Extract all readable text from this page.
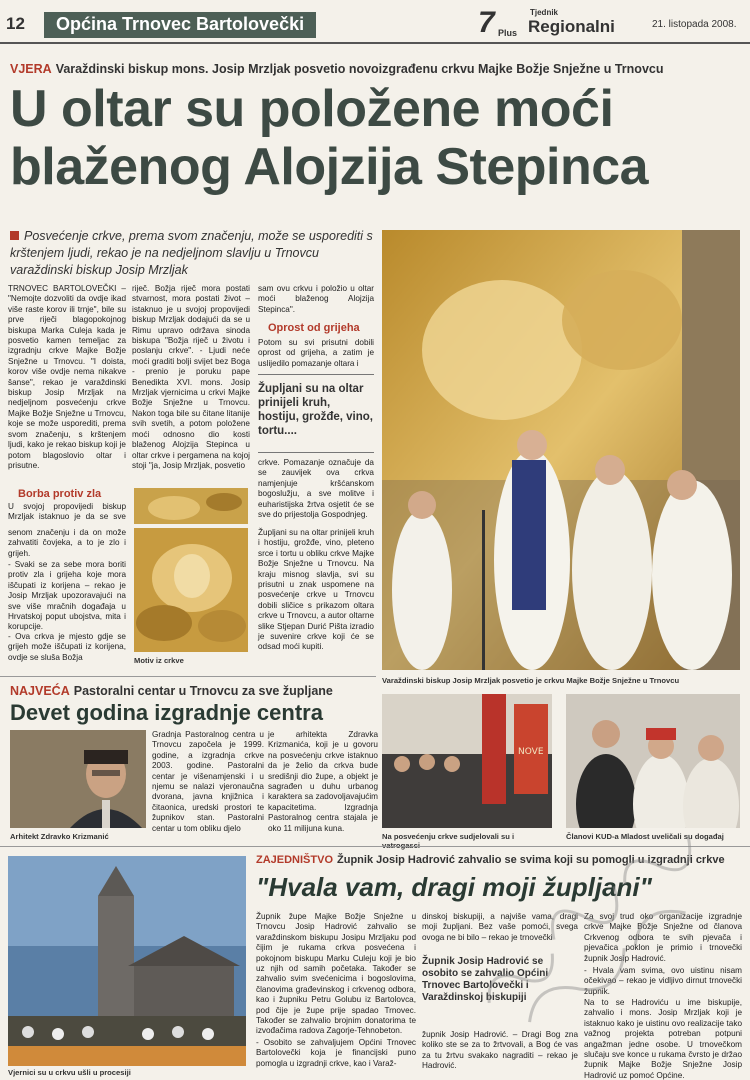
12	Općina Trnovec Bartolovečki	7 Plus
Tjednik
Regionalni	21. listopada 2008.
VJERA Varaždinski biskup mons. Josip Mrzljak posvetio novoizgrađenu crkvu Majke Božje Snježne u Trnovcu
U oltar su položene moći blaženog Alojzija Stepinca
Posvećenje crkve, prema svom značenju, može se usporediti s krštenjem ljudi, rekao je na nedjeljnom slavlju u Trnovcu varaždinski biskup Josip Mrzljak

TRNOVEC BARTOLOVEČKI – "Nemojte dozvoliti da ovdje ikad više raste korov ili trnje", bile su prve riječi blagopokojnog biskupa Marka Culeja kada je posvetio kamen temeljac za izgradnju crkve Majke Božje Snježne u Trnovcu. "I doista, korov više ovdje nema nikakve šanse", rekao je varaždinski biskup Josip Mrzljak na nedjeljnom posvećenju crkve Majke Božje Snježne u Trnovcu, koje se može usporediti, prema svom značenju, s krštenjem ljudi, kako je rekao biskup koji je potom blagoslovio oltar i prisutne.

Borba protiv zla

U svojoj propovijedi biskup Mrzljak istaknuo je da se sve

senom značenju i da on može zahvatiti čovjeka, a to je zlo i grijeh.

- Svaki se za sebe mora boriti protiv zla i grijeha koje mora iščupati iz korijena – rekao je Josip Mrzljak upozoravajući na sve više mračnih događaja u Hrvatskoj poput ubojstva, mita i korupcije.

- Ova crkva je mjesto gdje se grijeh može iščupati iz korijena, ovdje se sluša Božja

riječ. Božja riječ mora postati stvarnost, mora postati život – istaknuo je u svojoj propovijedi biskup Mrzljak dodajući da se u Rimu upravo održava sinoda biskupa "Božja riječ u životu i poslanju crkve". - Ljudi neće moći graditi bolji svijet bez Boga - prenio je poruku pape Benedikta XVI. mons. Josip Mrzljak vjernicima u crkvi Majke Božje Snježne u Trnovcu. Nakon toga bile su čitane litanije svih svetih, a potom položene moći odnosno dio kosti blaženog Alojzija Stepinca u oltar crkve i pergamena na kojoj stoji "ja, Josip Mrzljak, posvetio

Motiv iz crkve

sam ovu crkvu i položio u oltar moći blaženog Alojzija Stepinca".

Oprost od grijeha

Potom su svi prisutni dobili oprost od grijeha, a zatim je uslijedilo pomazanje oltara i

Župljani su na oltar prinijeli kruh, hostiju, grožđe, vino, tortu....

crkve. Pomazanje označuje da se zauvijek ova crkva namjenjuje kršćanskom bogoslužju, a sve molitve i euharistijska žrtva osjetit će se sve do prijestolja Gospodnjeg.

Župljani su na oltar prinijeli kruh i hostiju, grožđe, vino, pleteno srce i tortu u obliku crkve Majke Božje Snježne u Trnovcu. Na kraju misnog slavlja, svi su prisutni u znak uspomene na posvećenje crkve u Trnovcu dobili sličice s prikazom oltara crkve u Trnovcu, a autor oltarne slike Stjepan Durić Pišta izradio je suvenire crkve koji će se odsad moći kupiti.

Varaždinski biskup Josip Mrzljak posvetio je crkvu Majke Božje Snježne u Trnovcu
NAJVEĆA Pastoralni centar u Trnovcu za sve župljane
Devet godina izgradnje centra
Arhitekt Zdravko Krizmanić

Gradnja Pastoralnog centra u Trnovcu započela je 1999. godine, a izgradnja crkve 2003. godine. Pastoralni centar je višenamjenski i u njemu se nalazi vjeronaučna dvorana, javna knjižnica i čitaonica, uredski prostori te župnikov stan. Pastoralni centar u tom obliku djelo

je arhitekta Zdravka Krizmanića, koji je u govoru na posvećenju crkve istaknuo da je želio da crkva bude središnji dio župe, a objekt je sagrađen u duhu urbanog karaktera sa zadovoljavajućim kapacitetima. Izgradnja Pastoralnog centra stajala je oko 11 milijuna kuna.

NOVE
Na posvećenju crkve sudjelovali su i	Članovi KUD-a Mladost uveličali su događaj
Vjernici su u crkvu ušli u procesiji
ZAJEDNIŠTVO Župnik Josip Hadrović zahvalio se svima koji su pomogli u izgradnji crkve
"Hvala vam, dragi moji župljani"

Župnik župe Majke Božje Snježne u Trnovcu Josip Hadrović zahvalio se varaždinskom biskupu Josipu Mrzljaku pod čijim je rukama crkva posvećena i pokojnom biskupu Marku Culeju koji je bio uz njih od samih početaka. Također se zahvalio svim svećenicima i bogoslovima, članovima građevinskog i crkvenog odbora, kao i župniku Petru Golubu iz Bartolovca, pod čije je župe prije spadao Trnovec. Također se zahvalio brojnim donatorima te izvođačima radova Zagorje-Tehnobeton.

- Osobito se zahvaljujem Općini Trnovec Bartolovečki koja je financijski puno pomogla u izgradnji crkve, kao i Varaž-

dinskoj biskupiji, a najviše vama, dragi moji župljani. Bez vaše pomoći, svega ovoga ne bi bilo – rekao je trnovečki

Župnik Josip Hadrović se osobito se zahvalio Općini Trnovec Bartolovečki i Varaždinskoj biskupiji

župnik Josip Hadrović. – Dragi Bog zna koliko ste se za to žrtvovali, a Bog će vas za tu žrtvu svakako nagraditi – rekao je Hadrović.

Za svoj trud oko organizacije izgradnje crkve Majke Božje Snježne od članova Crkvenog odbora te svih pjevača i pjevačica poklon je primio i trnovečki župnik Josip Hadrović.

- Hvala vam svima, ovo uistinu nisam očekivao – rekao je vidljivo dirnut trnovečki župnik.

Na to se Hadroviću u ime biskupije, zahvalio i mons. Josip Mrzljak koji je istaknuo kako je uistinu ovo realizacije tako važnog projekta potreban potpuni angažman jedne osobe. U trnovečkom slučaju sve konce u rukama čvrsto je držao župnik Majke Božje Snježne Josip Hadrović uz pomoć Općine.
